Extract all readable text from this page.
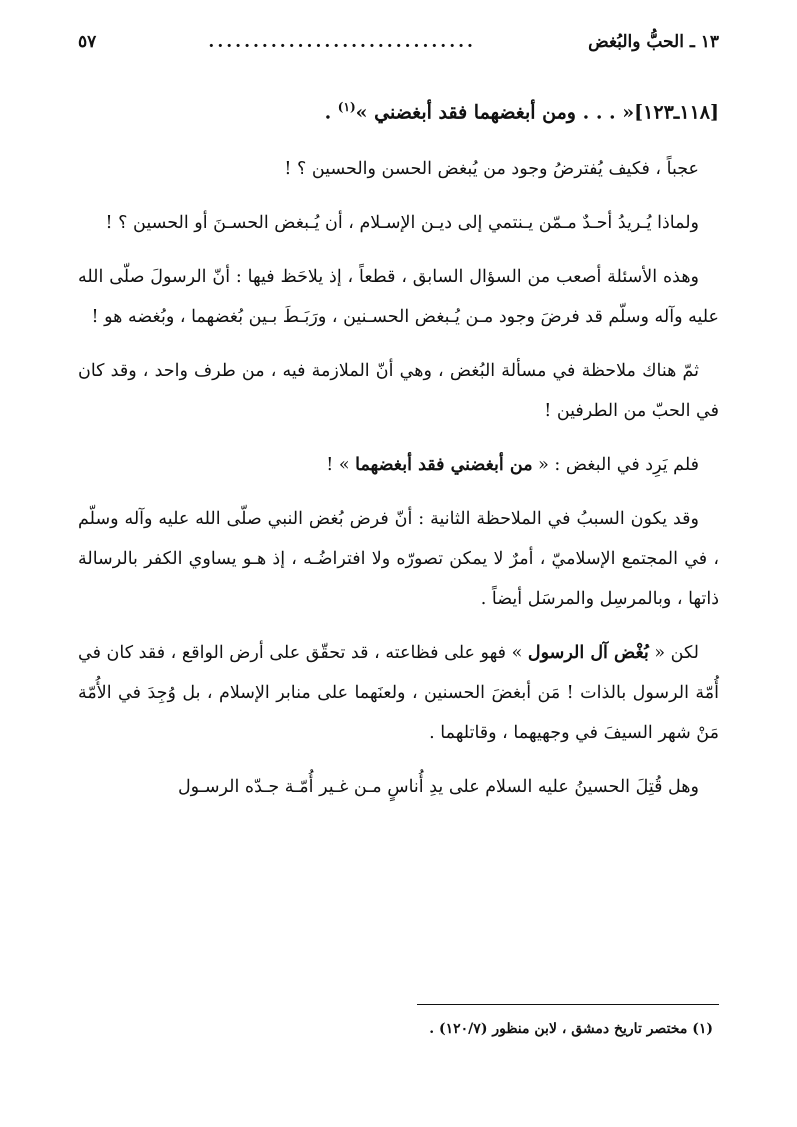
١٣ ـ الحبُّ والبُغض
..............................
٥٧
[١١٨ـ١٢٣]« . . . ومن أبغضهما فقد أبغضني »$^{(١)}$ .

عجباً ، فكيف يُفترضُ وجود من يُبغض الحسن والحسين ؟ !

ولماذا يُـريدُ أحـدٌ مـمّن يـنتمي إلى ديـن الإسـلام ، أن يُـبغض الحسـنَ أو الحسين ؟ !

وهذه الأسئلة أصعب من السؤال السابق ، قطعاً ، إذ يلاحَظ فيها : أنّ الرسولَ صلّى الله عليه وآله وسلّم قد فرضَ وجود مـن يُـبغض الحسـنين ، ورَبَـطَ بـين بُغضهما ، وبُغضه هو !

ثمّ هناك ملاحظة في مسألة البُغض ، وهي أنّ الملازمة فيه ، من طرف واحد ، وقد كان في الحبّ من الطرفين !

فلم يَرِد في البغض : « من أبغضني فقد أبغضهما » !

وقد يكون السببُ في الملاحظة الثانية : أنّ فرض بُغض النبي صلّى الله عليه وآله وسلّم ، في المجتمع الإسلاميّ ، أمرٌ لا يمكن تصورّه ولا افتراضُـه ، إذ هـو يساوي الكفر بالرسالة ذاتها ، وبالمرسِل والمرسَل أيضاً .

لكن « بُغْض آل الرسول » فهو على فظاعته ، قد تحقّق على أرض الواقع ، فقد كان في أُمّة الرسول بالذات ! مَن أبغضَ الحسنين ، ولعنَهما على منابر الإسلام ، بل وُجِدَ في الأُمّة مَنْ شهر السيفَ في وجهيهما ، وقاتلهما .

وهل قُتِلَ الحسينُ عليه السلام على يدِ أُناسٍ مـن غـير أُمّـة جـدّه الرسـول

(١) مختصر تاريخ دمشق ، لابن منظور (١٢٠/٧) .
